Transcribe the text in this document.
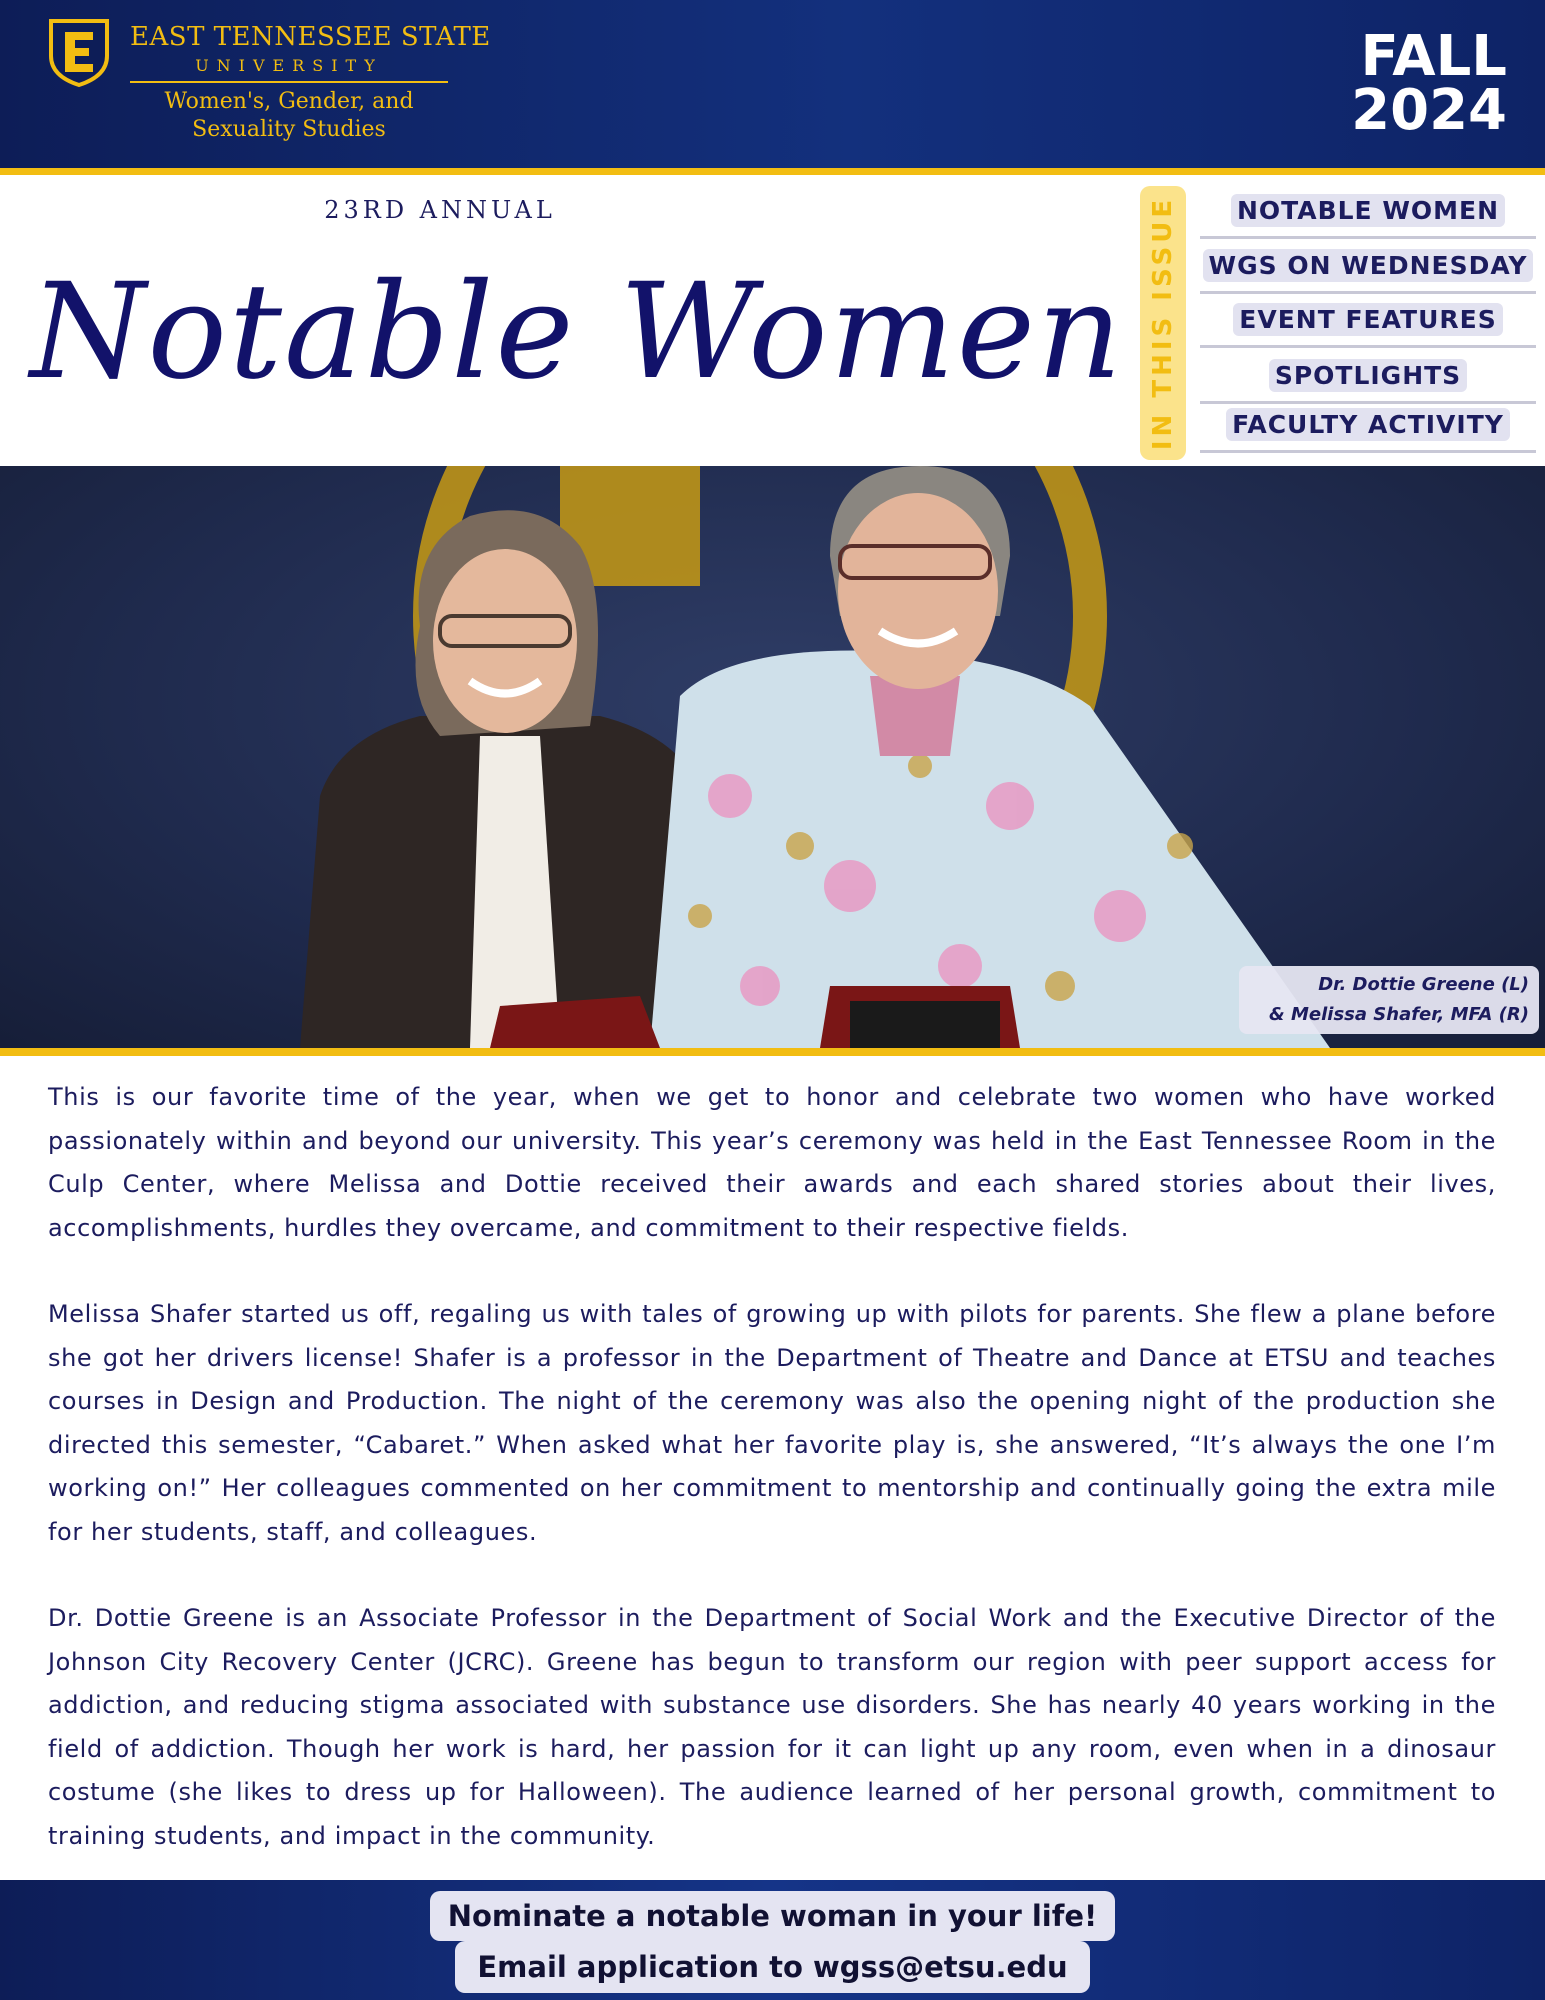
EAST TENNESSEE STATE
UNIVERSITY
Women's, Gender, and Sexuality Studies
FALL
2024
23RD ANNUAL
Notable Women IN THIS ISSUE NOTABLE WOMEN
WGS ON WEDNESDAY
EVENT FEATURES
SPOTLIGHTS
FACULTY ACTIVITY
Dr. Dottie Greene (L)
& Melissa Shafer, MFA (R)

This is our favorite time of the year, when we get to honor and celebrate two women who have worked passionately within and beyond our university. This year’s ceremony was held in the East Tennessee Room in the Culp Center, where Melissa and Dottie received their awards and each shared stories about their lives, accomplishments, hurdles they overcame, and commitment to their respective fields.

Melissa Shafer started us off, regaling us with tales of growing up with pilots for parents. She flew a plane before she got her drivers license! Shafer is a professor in the Department of Theatre and Dance at ETSU and teaches courses in Design and Production. The night of the ceremony was also the opening night of the production she directed this semester, “Cabaret.” When asked what her favorite play is, she answered, “It’s always the one I’m working on!” Her colleagues commented on her commitment to mentorship and continually going the extra mile for her students, staff, and colleagues.

Dr. Dottie Greene is an Associate Professor in the Department of Social Work and the Executive Director of the Johnson City Recovery Center (JCRC). Greene has begun to transform our region with peer support access for addiction, and reducing stigma associated with substance use disorders. She has nearly 40 years working in the field of addiction. Though her work is hard, her passion for it can light up any room, even when in a dinosaur costume (she likes to dress up for Halloween). The audience learned of her personal growth, commitment to training students, and impact in the community.

Nominate a notable woman in your life!
Email application to wgss@etsu.edu
